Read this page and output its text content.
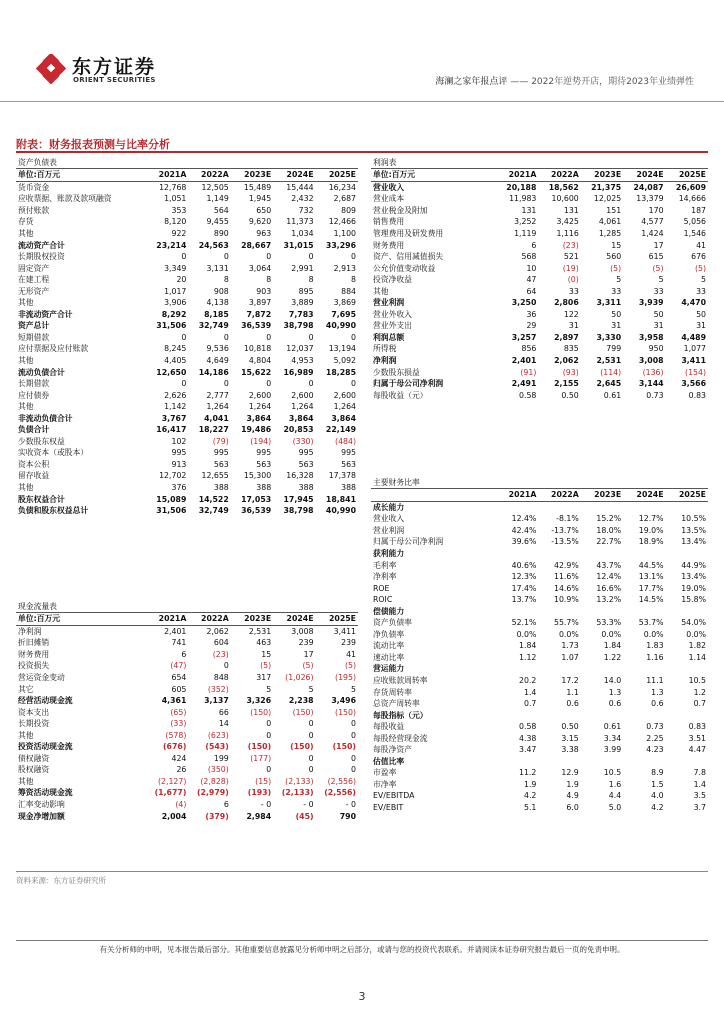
东方证券
ORIENT SECURITIES	海澜之家年报点评 —— 2022年逆势开店，期待2023年业绩弹性
附表：财务报表预测与比率分析
资产负债表					
单位:百万元	2021A	2022A	2023E	2024E	2025E
货币资金	12,768	12,505	15,489	15,444	16,234
应收票据、账款及款项融资	1,051	1,149	1,945	2,432	2,687
预付账款	353	564	650	732	809
存货	8,120	9,455	9,620	11,373	12,466
其他	922	890	963	1,034	1,100
流动资产合计	23,214	24,563	28,667	31,015	33,296
长期股权投资	0	0	0	0	0
固定资产	3,349	3,131	3,064	2,991	2,913
在建工程	20	8	8	8	8
无形资产	1,017	908	903	895	884
其他	3,906	4,138	3,897	3,889	3,869
非流动资产合计	8,292	8,185	7,872	7,783	7,695
资产总计	31,506	32,749	36,539	38,798	40,990
短期借款	0	0	0	0	0
应付票据及应付账款	8,245	9,536	10,818	12,037	13,194
其他	4,405	4,649	4,804	4,953	5,092
流动负债合计	12,650	14,186	15,622	16,989	18,285
长期借款	0	0	0	0	0
应付债券	2,626	2,777	2,600	2,600	2,600
其他	1,142	1,264	1,264	1,264	1,264
非流动负债合计	3,767	4,041	3,864	3,864	3,864
负债合计	16,417	18,227	19,486	20,853	22,149
少数股东权益	102	(79)	(194)	(330)	(484)
实收资本（或股本）	995	995	995	995	995
资本公积	913	563	563	563	563
留存收益	12,702	12,655	15,300	16,328	17,378
其他	376	388	388	388	388
股东权益合计	15,089	14,522	17,053	17,945	18,841
负债和股东权益总计	31,506	32,749	36,539	38,798	40,990
现金流量表					
单位:百万元	2021A	2022A	2023E	2024E	2025E
净利润	2,401	2,062	2,531	3,008	3,411
折旧摊销	741	604	463	239	239
财务费用	6	(23)	15	17	41
投资损失	(47)	0	(5)	(5)	(5)
营运资金变动	654	848	317	(1,026)	(195)
其它	605	(352)	5	5	5
经营活动现金流	4,361	3,137	3,326	2,238	3,496
资本支出	(65)	66	(150)	(150)	(150)
长期投资	(33)	14	0	0	0
其他	(578)	(623)	0	0	0
投资活动现金流	(676)	(543)	(150)	(150)	(150)
债权融资	424	199	(177)	0	0
股权融资	26	(350)	0	0	0
其他	(2,127)	(2,828)	(15)	(2,133)	(2,556)
筹资活动现金流	(1,677)	(2,979)	(193)	(2,133)	(2,556)
汇率变动影响	(4)	6	- 0	- 0	- 0
现金净增加额	2,004	(379)	2,984	(45)	790
利润表					
单位:百万元	2021A	2022A	2023E	2024E	2025E
营业收入	20,188	18,562	21,375	24,087	26,609
营业成本	11,983	10,600	12,025	13,379	14,666
营业税金及附加	131	131	151	170	187
销售费用	3,252	3,425	4,061	4,577	5,056
管理费用及研发费用	1,119	1,116	1,285	1,424	1,546
财务费用	6	(23)	15	17	41
资产、信用减值损失	568	521	560	615	676
公允价值变动收益	10	(19)	(5)	(5)	(5)
投资净收益	47	(0)	5	5	5
其他	64	33	33	33	33
营业利润	3,250	2,806	3,311	3,939	4,470
营业外收入	36	122	50	50	50
营业外支出	29	31	31	31	31
利润总额	3,257	2,897	3,330	3,958	4,489
所得税	856	835	799	950	1,077
净利润	2,401	2,062	2,531	3,008	3,411
少数股东损益	(91)	(93)	(114)	(136)	(154)
归属于母公司净利润	2,491	2,155	2,645	3,144	3,566
每股收益（元）	0.58	0.50	0.61	0.73	0.83
主要财务比率					
	2021A	2022A	2023E	2024E	2025E
成长能力					
营业收入	12.4%	-8.1%	15.2%	12.7%	10.5%
营业利润	42.4%	-13.7%	18.0%	19.0%	13.5%
归属于母公司净利润	39.6%	-13.5%	22.7%	18.9%	13.4%
获利能力					
毛利率	40.6%	42.9%	43.7%	44.5%	44.9%
净利率	12.3%	11.6%	12.4%	13.1%	13.4%
ROE	17.4%	14.6%	16.6%	17.7%	19.0%
ROIC	13.7%	10.9%	13.2%	14.5%	15.8%
偿债能力					
资产负债率	52.1%	55.7%	53.3%	53.7%	54.0%
净负债率	0.0%	0.0%	0.0%	0.0%	0.0%
流动比率	1.84	1.73	1.84	1.83	1.82
速动比率	1.12	1.07	1.22	1.16	1.14
营运能力					
应收账款周转率	20.2	17.2	14.0	11.1	10.5
存货周转率	1.4	1.1	1.3	1.3	1.2
总资产周转率	0.7	0.6	0.6	0.6	0.7
每股指标（元）					
每股收益	0.58	0.50	0.61	0.73	0.83
每股经营现金流	4.38	3.15	3.34	2.25	3.51
每股净资产	3.47	3.38	3.99	4.23	4.47
估值比率					
市盈率	11.2	12.9	10.5	8.9	7.8
市净率	1.9	1.9	1.6	1.5	1.4
EV/EBITDA	4.2	4.9	4.4	4.0	3.5
EV/EBIT	5.1	6.0	5.0	4.2	3.7
资料来源：东方证券研究所
有关分析师的申明，见本报告最后部分。其他重要信息披露见分析师申明之后部分，或请与您的投资代表联系。并请阅读本证券研究报告最后一页的免责申明。
3
